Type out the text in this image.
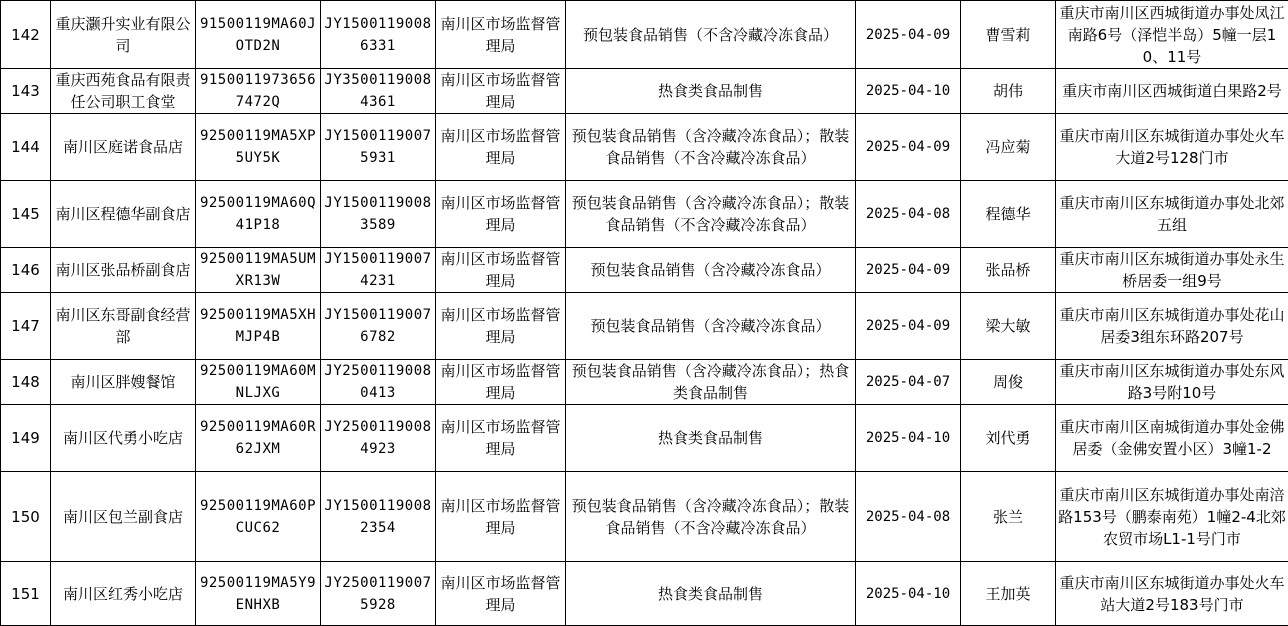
142	重庆灏升实业有限公司	91500119MA60JOTD2N	JY15001190086331	南川区市场监督管理局	预包装食品销售（不含冷藏冷冻食品）	2025-04-09	曹雪莉	重庆市南川区西城街道办事处凤江南路6号（泽恺半岛）5幢一层10、11号
143	重庆西苑食品有限责任公司职工食堂	91500119736567472Q	JY35001190084361	南川区市场监督管理局	热食类食品制售	2025-04-10	胡伟	重庆市南川区西城街道白果路2号
144	南川区庭诺食品店	92500119MA5XP5UY5K	JY15001190075931	南川区市场监督管理局	预包装食品销售（含冷藏冷冻食品）；散装食品销售（不含冷藏冷冻食品）	2025-04-09	冯应菊	重庆市南川区东城街道办事处火车大道2号128门市
145	南川区程德华副食店	92500119MA60Q41P18	JY15001190083589	南川区市场监督管理局	预包装食品销售（含冷藏冷冻食品）；散装食品销售（不含冷藏冷冻食品）	2025-04-08	程德华	重庆市南川区东城街道办事处北郊五组
146	南川区张品桥副食店	92500119MA5UMXR13W	JY15001190074231	南川区市场监督管理局	预包装食品销售（含冷藏冷冻食品）	2025-04-09	张品桥	重庆市南川区东城街道办事处永生桥居委一组9号
147	南川区东哥副食经营部	92500119MA5XHMJP4B	JY15001190076782	南川区市场监督管理局	预包装食品销售（含冷藏冷冻食品）	2025-04-09	梁大敏	重庆市南川区东城街道办事处花山居委3组东环路207号
148	南川区胖嫂餐馆	92500119MA60MNLJXG	JY25001190080413	南川区市场监督管理局	预包装食品销售（含冷藏冷冻食品）；热食类食品制售	2025-04-07	周俊	重庆市南川区东城街道办事处东风路3号附10号
149	南川区代勇小吃店	92500119MA60R62JXM	JY25001190084923	南川区市场监督管理局	热食类食品制售	2025-04-10	刘代勇	重庆市南川区南城街道办事处金佛居委（金佛安置小区）3幢1-2
150	南川区包兰副食店	92500119MA60PCUC62	JY15001190082354	南川区市场监督管理局	预包装食品销售（含冷藏冷冻食品）；散装食品销售（不含冷藏冷冻食品）	2025-04-08	张兰	重庆市南川区东城街道办事处南涪路153号（鹏泰南苑）1幢2-4北郊农贸市场L1-1号门市
151	南川区红秀小吃店	92500119MA5Y9ENHXB	JY25001190075928	南川区市场监督管理局	热食类食品制售	2025-04-10	王加英	重庆市南川区东城街道办事处火车站大道2号183号门市
